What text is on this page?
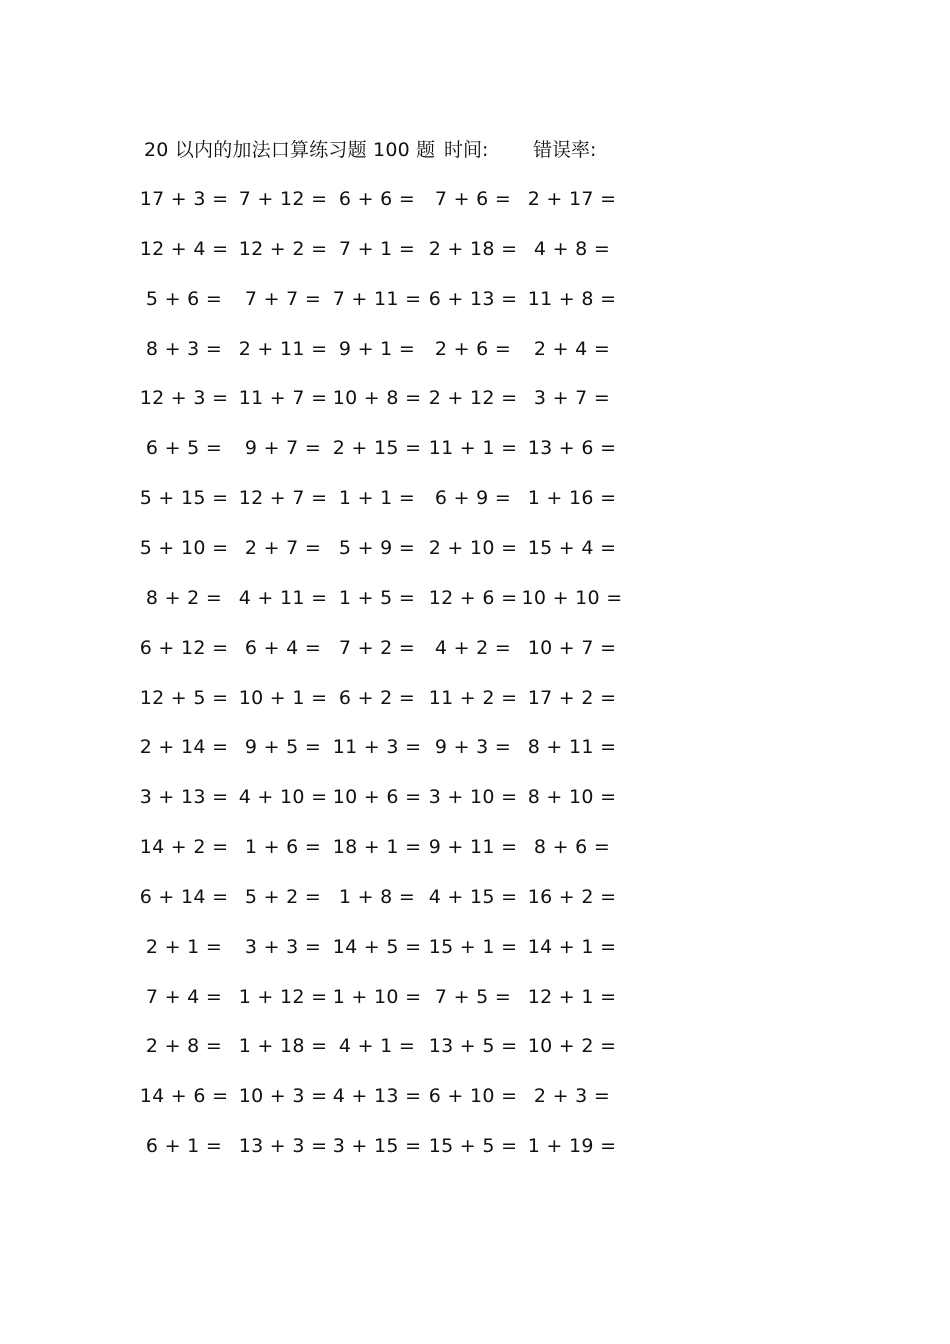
20 以内的加法口算练习题 100 题 时间: 错误率:
17 + 3 = 7 + 12 = 6 + 6 = 7 + 6 = 2 + 17 =
12 + 4 = 12 + 2 = 7 + 1 = 2 + 18 = 4 + 8 =
5 + 6 = 7 + 7 = 7 + 11 = 6 + 13 = 11 + 8 =
8 + 3 = 2 + 11 = 9 + 1 = 2 + 6 = 2 + 4 =
12 + 3 = 11 + 7 = 10 + 8 = 2 + 12 = 3 + 7 =
6 + 5 = 9 + 7 = 2 + 15 = 11 + 1 = 13 + 6 =
5 + 15 = 12 + 7 = 1 + 1 = 6 + 9 = 1 + 16 =
5 + 10 = 2 + 7 = 5 + 9 = 2 + 10 = 15 + 4 =
8 + 2 = 4 + 11 = 1 + 5 = 12 + 6 = 10 + 10 =
6 + 12 = 6 + 4 = 7 + 2 = 4 + 2 = 10 + 7 =
12 + 5 = 10 + 1 = 6 + 2 = 11 + 2 = 17 + 2 =
2 + 14 = 9 + 5 = 11 + 3 = 9 + 3 = 8 + 11 =
3 + 13 = 4 + 10 = 10 + 6 = 3 + 10 = 8 + 10 =
14 + 2 = 1 + 6 = 18 + 1 = 9 + 11 = 8 + 6 =
6 + 14 = 5 + 2 = 1 + 8 = 4 + 15 = 16 + 2 =
2 + 1 = 3 + 3 = 14 + 5 = 15 + 1 = 14 + 1 =
7 + 4 = 1 + 12 = 1 + 10 = 7 + 5 = 12 + 1 =
2 + 8 = 1 + 18 = 4 + 1 = 13 + 5 = 10 + 2 =
14 + 6 = 10 + 3 = 4 + 13 = 6 + 10 = 2 + 3 =
6 + 1 = 13 + 3 = 3 + 15 = 15 + 5 = 1 + 19 =
